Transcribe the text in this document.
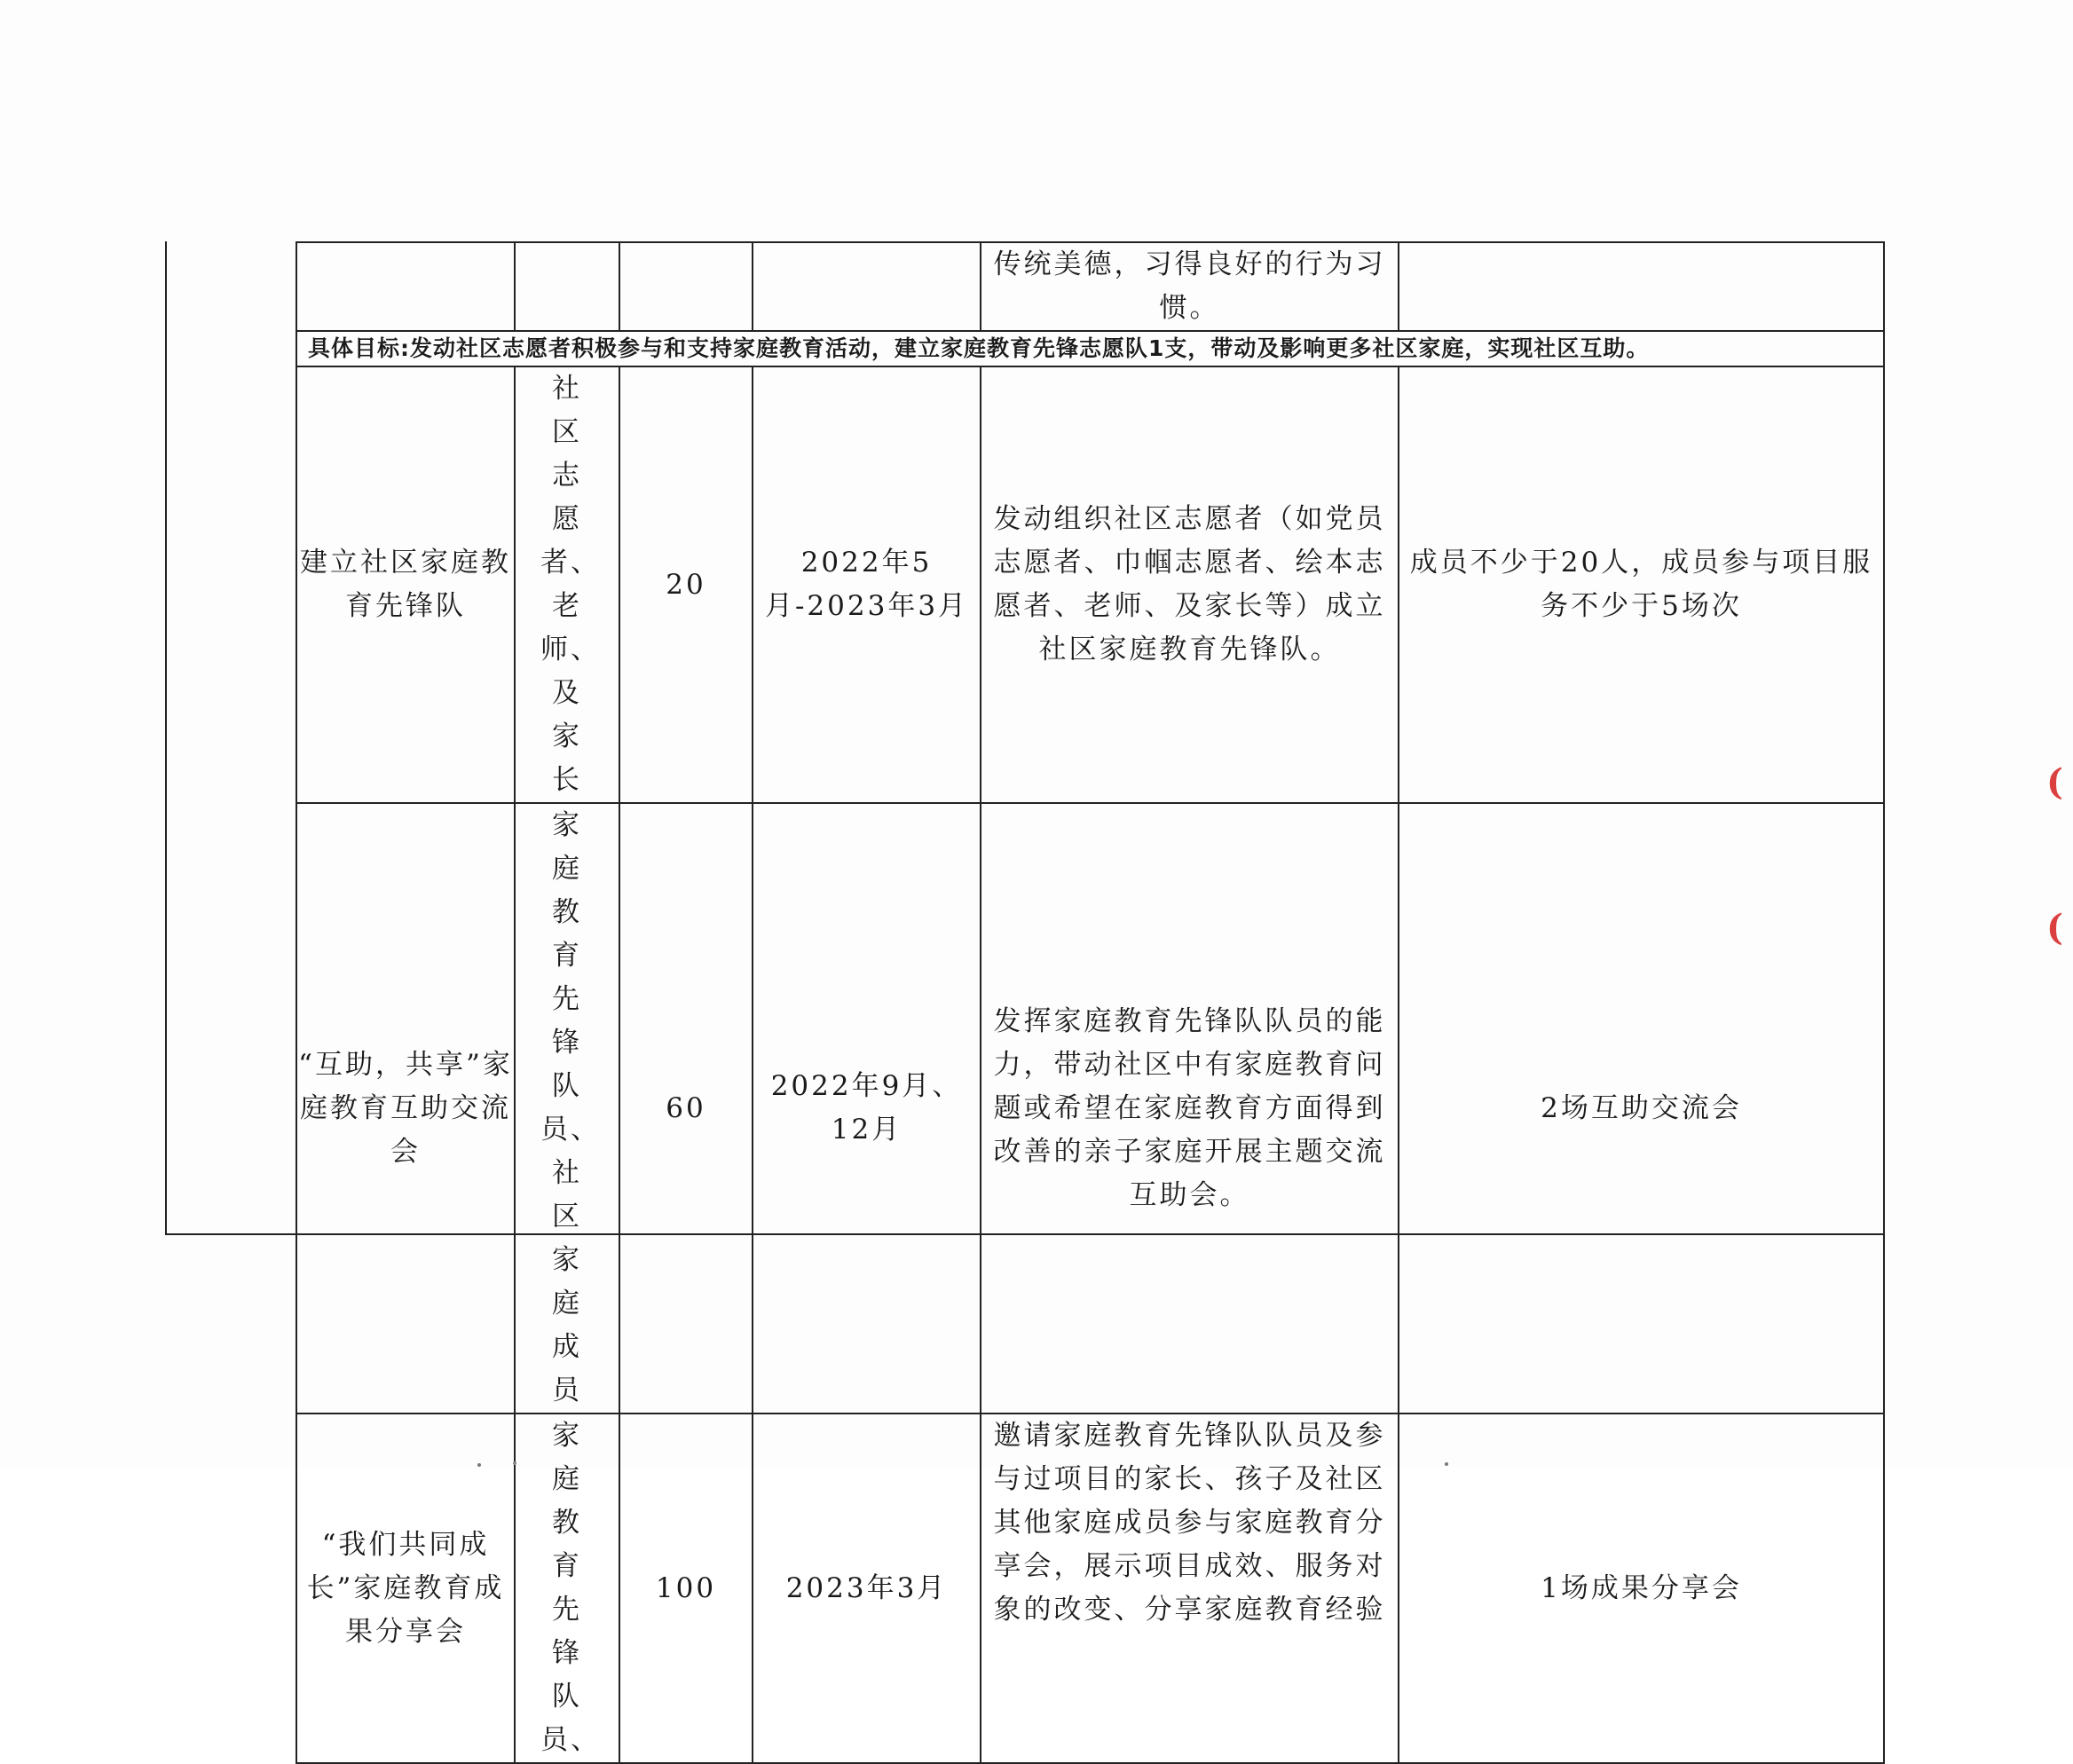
				传统美德，习得良好的行为习惯。	

具体目标:发动社区志愿者积极参与和支持家庭教育活动，建立家庭教育先锋志愿队1支，带动及影响更多社区家庭，实现社区互助。					
建立社区家庭教育先锋队	社区志愿者、老师、及家长	20	2022年5月-2023年3月	发动组织社区志愿者（如党员志愿者、巾帼志愿者、绘本志愿者、老师、及家长等）成立社区家庭教育先锋队。	成员不少于20人，成员参与项目服务不少于5场次
“互助，共享”家庭教育互助交流会	家庭教育先锋队员、社区家庭成员	60	2022年9月、12月	发挥家庭教育先锋队队员的能力，带动社区中有家庭教育问题或希望在家庭教育方面得到改善的亲子家庭开展主题交流互助会。	2场互助交流会
“我们共同成长”家庭教育成果分享会	家庭教育先锋队员、	100	2023年3月	邀请家庭教育先锋队队员及参与过项目的家长、孩子及社区其他家庭成员参与家庭教育分享会，展示项目成效、服务对象的改变、分享家庭教育经验	1场成果分享会
(
(
